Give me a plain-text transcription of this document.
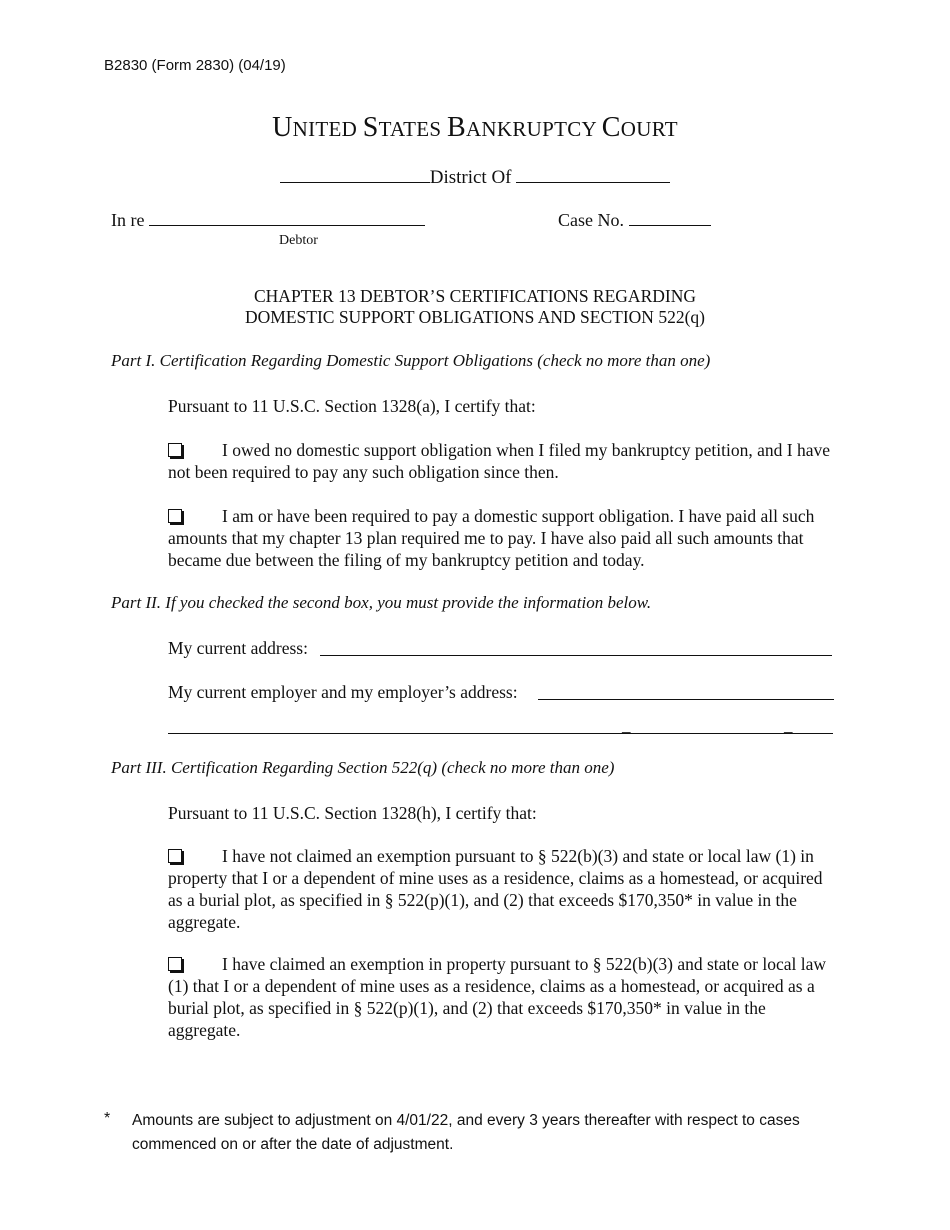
B2830 (Form 2830) (04/19)
UNITED STATES BANKRUPTCY COURT
District Of
In re
Debtor
Case No.
CHAPTER 13 DEBTOR’S CERTIFICATIONS REGARDING
DOMESTIC SUPPORT OBLIGATIONS AND SECTION 522(q)
Part I. Certification Regarding Domestic Support Obligations (check no more than one)
Pursuant to 11 U.S.C. Section 1328(a), I certify that:
I owed no domestic support obligation when I filed my bankruptcy petition, and I have not been required to pay any such obligation since then.
I am or have been required to pay a domestic support obligation. I have paid all such amounts that my chapter 13 plan required me to pay. I have also paid all such amounts that became due between the filing of my bankruptcy petition and today.
Part II. If you checked the second box, you must provide the information below.
My current address:
My current employer and my employer’s address:
_	_
Part III. Certification Regarding Section 522(q) (check no more than one)
Pursuant to 11 U.S.C. Section 1328(h), I certify that:
I have not claimed an exemption pursuant to § 522(b)(3) and state or local law (1) in property that I or a dependent of mine uses as a residence, claims as a homestead, or acquired as a burial plot, as specified in § 522(p)(1), and (2) that exceeds $170,350* in value in the aggregate.
I have claimed an exemption in property pursuant to § 522(b)(3) and state or local law (1) that I or a dependent of mine uses as a residence, claims as a homestead, or acquired as a burial plot, as specified in § 522(p)(1), and (2) that exceeds $170,350* in value in the aggregate.
* Amounts are subject to adjustment on 4/01/22, and every 3 years thereafter with respect to cases commenced on or after the date of adjustment.
